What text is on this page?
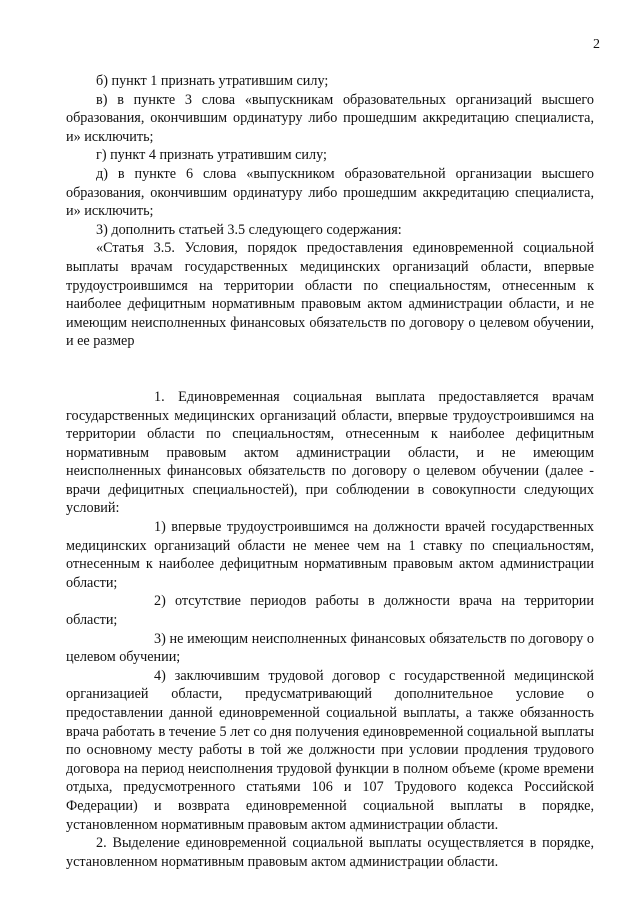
2

б) пункт 1 признать утратившим силу;

в) в пункте 3 слова «выпускникам образовательных организаций высшего образования, окончившим ординатуру либо прошедшим аккредитацию специалиста, и» исключить;

г) пункт 4 признать утратившим силу;

д) в пункте 6 слова «выпускником образовательной организации высшего образования, окончившим ординатуру либо прошедшим аккредитацию специалиста, и» исключить;

3) дополнить статьей 3.5 следующего содержания:

«Статья 3.5. Условия, порядок предоставления единовременной социальной выплаты врачам государственных медицинских организаций области, впервые трудоустроившимся на территории области по специальностям, отнесенным к наиболее дефицитным нормативным правовым актом администрации области, и не имеющим неисполненных финансовых обязательств по договору о целевом обучении, и ее размер

1. Единовременная социальная выплата предоставляется врачам государственных медицинских организаций области, впервые трудоустроившимся на территории области по специальностям, отнесенным к наиболее дефицитным нормативным правовым актом администрации области, и не имеющим неисполненных финансовых обязательств по договору о целевом обучении (далее - врачи дефицитных специальностей), при соблюдении в совокупности следующих условий:

1) впервые трудоустроившимся на должности врачей государственных медицинских организаций области не менее чем на 1 ставку по специальностям, отнесенным к наиболее дефицитным нормативным правовым актом администрации области;

2) отсутствие периодов работы в должности врача на территории области;

3) не имеющим неисполненных финансовых обязательств по договору о целевом обучении;

4) заключившим трудовой договор с государственной медицинской организацией области, предусматривающий дополнительное условие о предоставлении данной единовременной социальной выплаты, а также обязанность врача работать в течение 5 лет со дня получения единовременной социальной выплаты по основному месту работы в той же должности при условии продления трудового договора на период неисполнения трудовой функции в полном объеме (кроме времени отдыха, предусмотренного статьями 106 и 107 Трудового кодекса Российской Федерации) и возврата единовременной социальной выплаты в порядке, установленном нормативным правовым актом администрации области.

2. Выделение единовременной социальной выплаты осуществляется в порядке, установленном нормативным правовым актом администрации области.
